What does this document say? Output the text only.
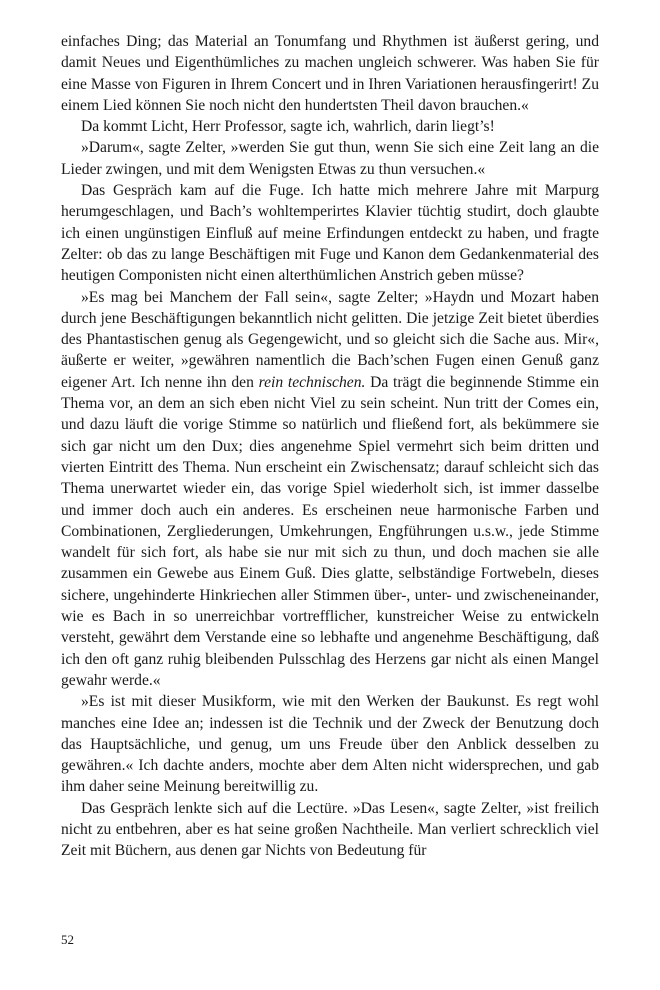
einfaches Ding; das Material an Tonumfang und Rhythmen ist äußerst gering, und damit Neues und Eigenthümliches zu machen ungleich schwerer. Was haben Sie für eine Masse von Figuren in Ihrem Concert und in Ihren Variationen herausfingerirt! Zu einem Lied können Sie noch nicht den hundertsten Theil davon brauchen.«

Da kommt Licht, Herr Professor, sagte ich, wahrlich, darin liegt’s!

»Darum«, sagte Zelter, »werden Sie gut thun, wenn Sie sich eine Zeit lang an die Lieder zwingen, und mit dem Wenigsten Etwas zu thun versuchen.«

Das Gespräch kam auf die Fuge. Ich hatte mich mehrere Jahre mit Marpurg herumgeschlagen, und Bach’s wohltemperirtes Klavier tüchtig studirt, doch glaubte ich einen ungünstigen Einfluß auf meine Erfindungen entdeckt zu haben, und fragte Zelter: ob das zu lange Beschäftigen mit Fuge und Kanon dem Gedankenmaterial des heutigen Componisten nicht einen alterthümlichen Anstrich geben müsse?

»Es mag bei Manchem der Fall sein«, sagte Zelter; »Haydn und Mozart haben durch jene Beschäftigungen bekanntlich nicht gelitten. Die jetzige Zeit bietet überdies des Phantastischen genug als Gegengewicht, und so gleicht sich die Sache aus. Mir«, äußerte er weiter, »gewähren namentlich die Bach’schen Fugen einen Genuß ganz eigener Art. Ich nenne ihn den rein technischen. Da trägt die beginnende Stimme ein Thema vor, an dem an sich eben nicht Viel zu sein scheint. Nun tritt der Comes ein, und dazu läuft die vorige Stimme so natürlich und fließend fort, als bekümmere sie sich gar nicht um den Dux; dies angenehme Spiel vermehrt sich beim dritten und vierten Eintritt des Thema. Nun erscheint ein Zwischensatz; darauf schleicht sich das Thema unerwartet wieder ein, das vorige Spiel wiederholt sich, ist immer dasselbe und immer doch auch ein anderes. Es erscheinen neue harmonische Farben und Combinationen, Zergliederungen, Umkehrungen, Engführungen u.s.w., jede Stimme wandelt für sich fort, als habe sie nur mit sich zu thun, und doch machen sie alle zusammen ein Gewebe aus Einem Guß. Dies glatte, selbständige Fortwebeln, dieses sichere, ungehinderte Hinkriechen aller Stimmen über-, unter- und zwischeneinander, wie es Bach in so unerreichbar vortrefflicher, kunstreicher Weise zu entwickeln versteht, gewährt dem Verstande eine so lebhafte und angenehme Beschäftigung, daß ich den oft ganz ruhig bleibenden Pulsschlag des Herzens gar nicht als einen Mangel gewahr werde.«

»Es ist mit dieser Musikform, wie mit den Werken der Baukunst. Es regt wohl manches eine Idee an; indessen ist die Technik und der Zweck der Benutzung doch das Hauptsächliche, und genug, um uns Freude über den Anblick desselben zu gewähren.« Ich dachte anders, mochte aber dem Alten nicht widersprechen, und gab ihm daher seine Meinung bereitwillig zu.

Das Gespräch lenkte sich auf die Lectüre. »Das Lesen«, sagte Zelter, »ist freilich nicht zu entbehren, aber es hat seine großen Nachtheile. Man verliert schrecklich viel Zeit mit Büchern, aus denen gar Nichts von Bedeutung für

52
